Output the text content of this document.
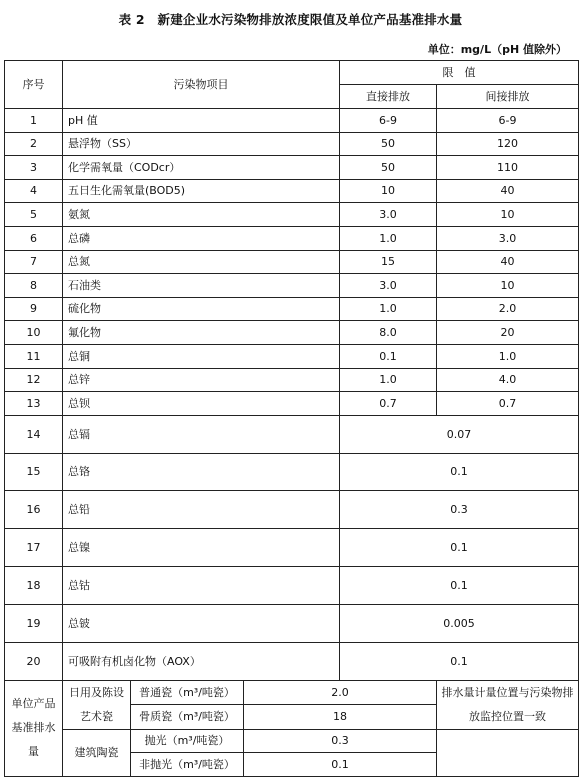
表 2　新建企业水污染物排放浓度限值及单位产品基准排水量
单位：mg/L（pH 值除外）
序号	污染物项目			限　值	
				直接排放	间接排放	
1	pH 值			6-9	6-9	
2	悬浮物（SS）			50	120	
3	化学需氧量（CODcr）			50	110	
4	五日生化需氧量(BOD5)			10	40	
5	氨氮			3.0	10	
6	总磷			1.0	3.0	
7	总氮			15	40	
8	石油类			3.0	10	
9	硫化物			1.0	2.0	
10	氟化物			8.0	20	
11	总铜			0.1	1.0	
12	总锌			1.0	4.0	
13	总钡			0.7	0.7	
14	总镉			0.07	
15	总铬			0.1		
16	总铅			0.3		
17	总镍			0.1		
18	总钴			0.1		
19	总铍			0.005		
20	可吸附有机卤化物（AOX）			0.1		
单位产品基准排水量	日用及陈设艺术瓷	普通瓷（m³/吨瓷）	2.0		排水量计量位置与污染物排放监控位置一致	
		骨质瓷（m³/吨瓷）	18			
	建筑陶瓷	抛光（m³/吨瓷）	0.3			
		非抛光（m³/吨瓷）	0.1			
